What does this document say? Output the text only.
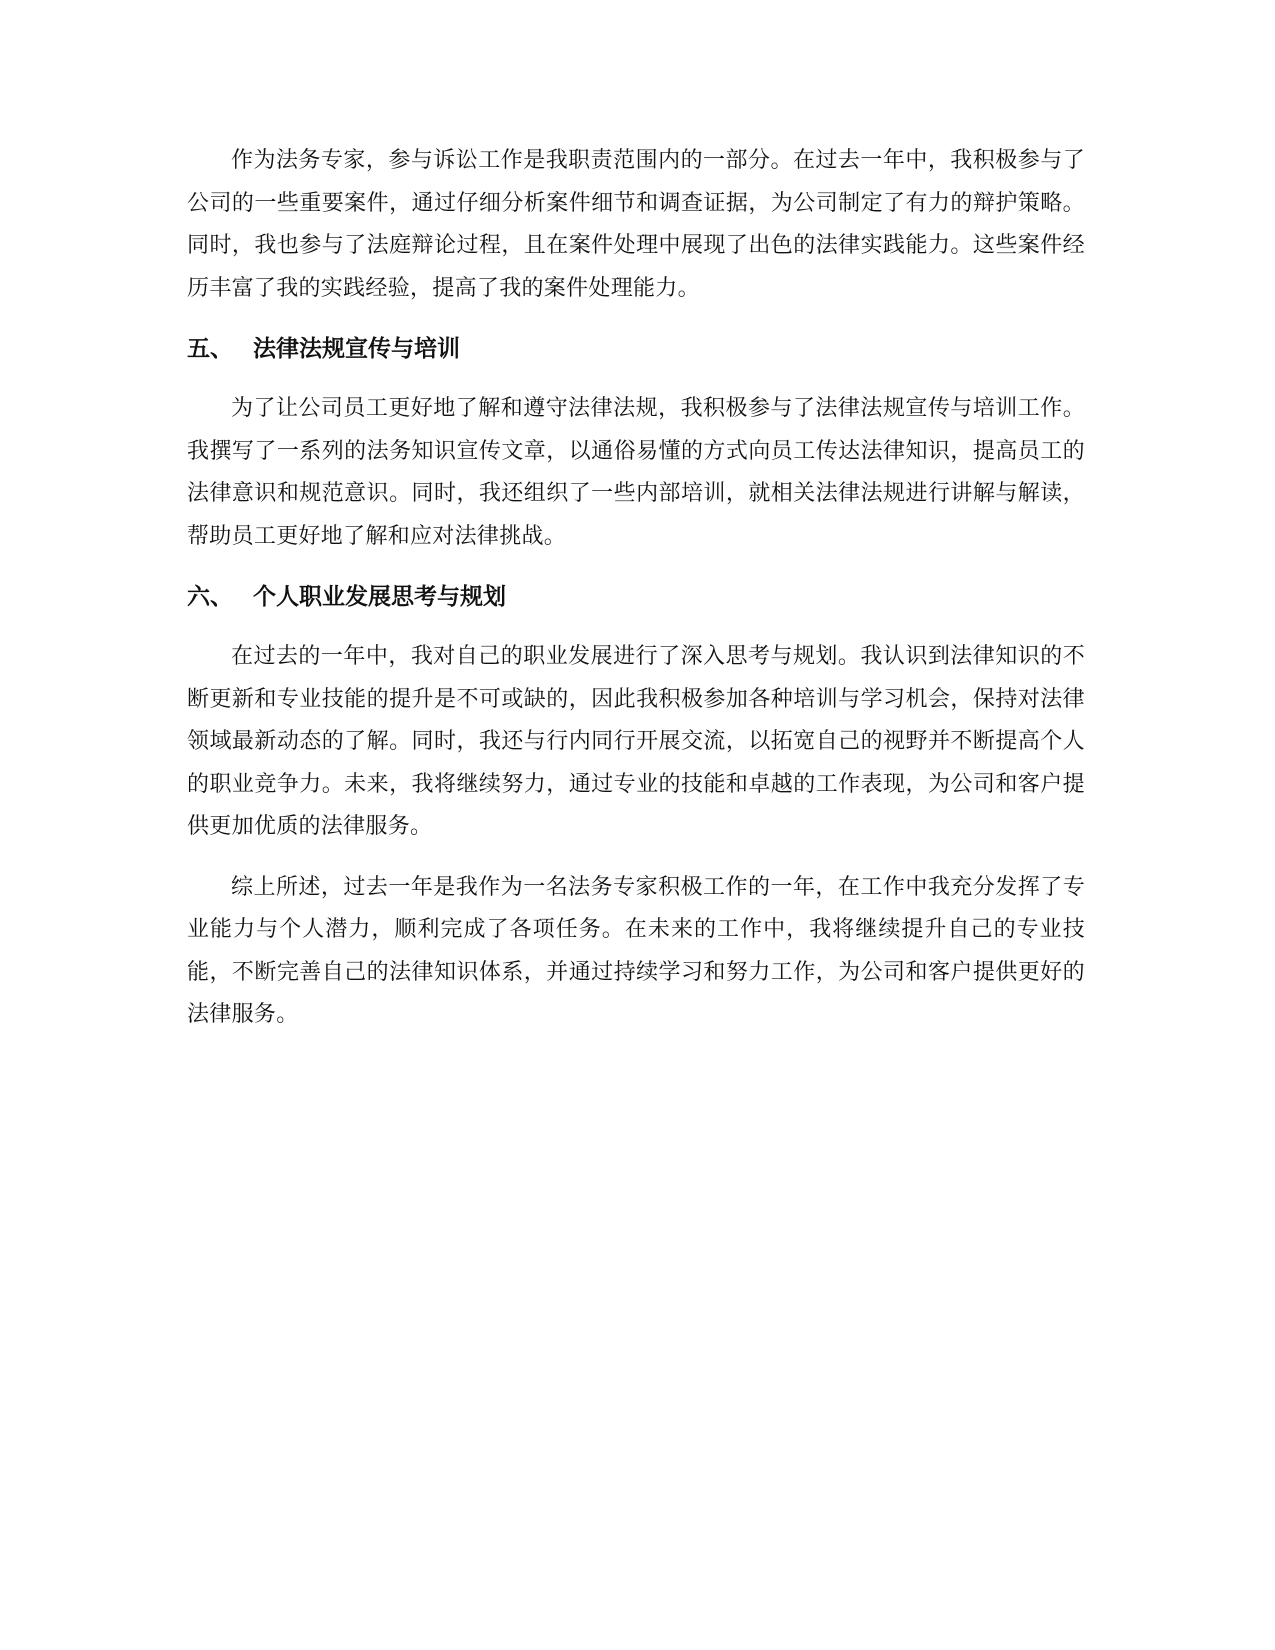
作为法务专家，参与诉讼工作是我职责范围内的一部分。在过去一年中，我积极参与了公司的一些重要案件，通过仔细分析案件细节和调查证据，为公司制定了有力的辩护策略。同时，我也参与了法庭辩论过程，且在案件处理中展现了出色的法律实践能力。这些案件经历丰富了我的实践经验，提高了我的案件处理能力。

五、 法律法规宣传与培训

为了让公司员工更好地了解和遵守法律法规，我积极参与了法律法规宣传与培训工作。我撰写了一系列的法务知识宣传文章，以通俗易懂的方式向员工传达法律知识，提高员工的法律意识和规范意识。同时，我还组织了一些内部培训，就相关法律法规进行讲解与解读，帮助员工更好地了解和应对法律挑战。

六、 个人职业发展思考与规划

在过去的一年中，我对自己的职业发展进行了深入思考与规划。我认识到法律知识的不断更新和专业技能的提升是不可或缺的，因此我积极参加各种培训与学习机会，保持对法律领域最新动态的了解。同时，我还与行内同行开展交流，以拓宽自己的视野并不断提高个人的职业竞争力。未来，我将继续努力，通过专业的技能和卓越的工作表现，为公司和客户提供更加优质的法律服务。

综上所述，过去一年是我作为一名法务专家积极工作的一年，在工作中我充分发挥了专业能力与个人潜力，顺利完成了各项任务。在未来的工作中，我将继续提升自己的专业技能，不断完善自己的法律知识体系，并通过持续学习和努力工作，为公司和客户提供更好的法律服务。
